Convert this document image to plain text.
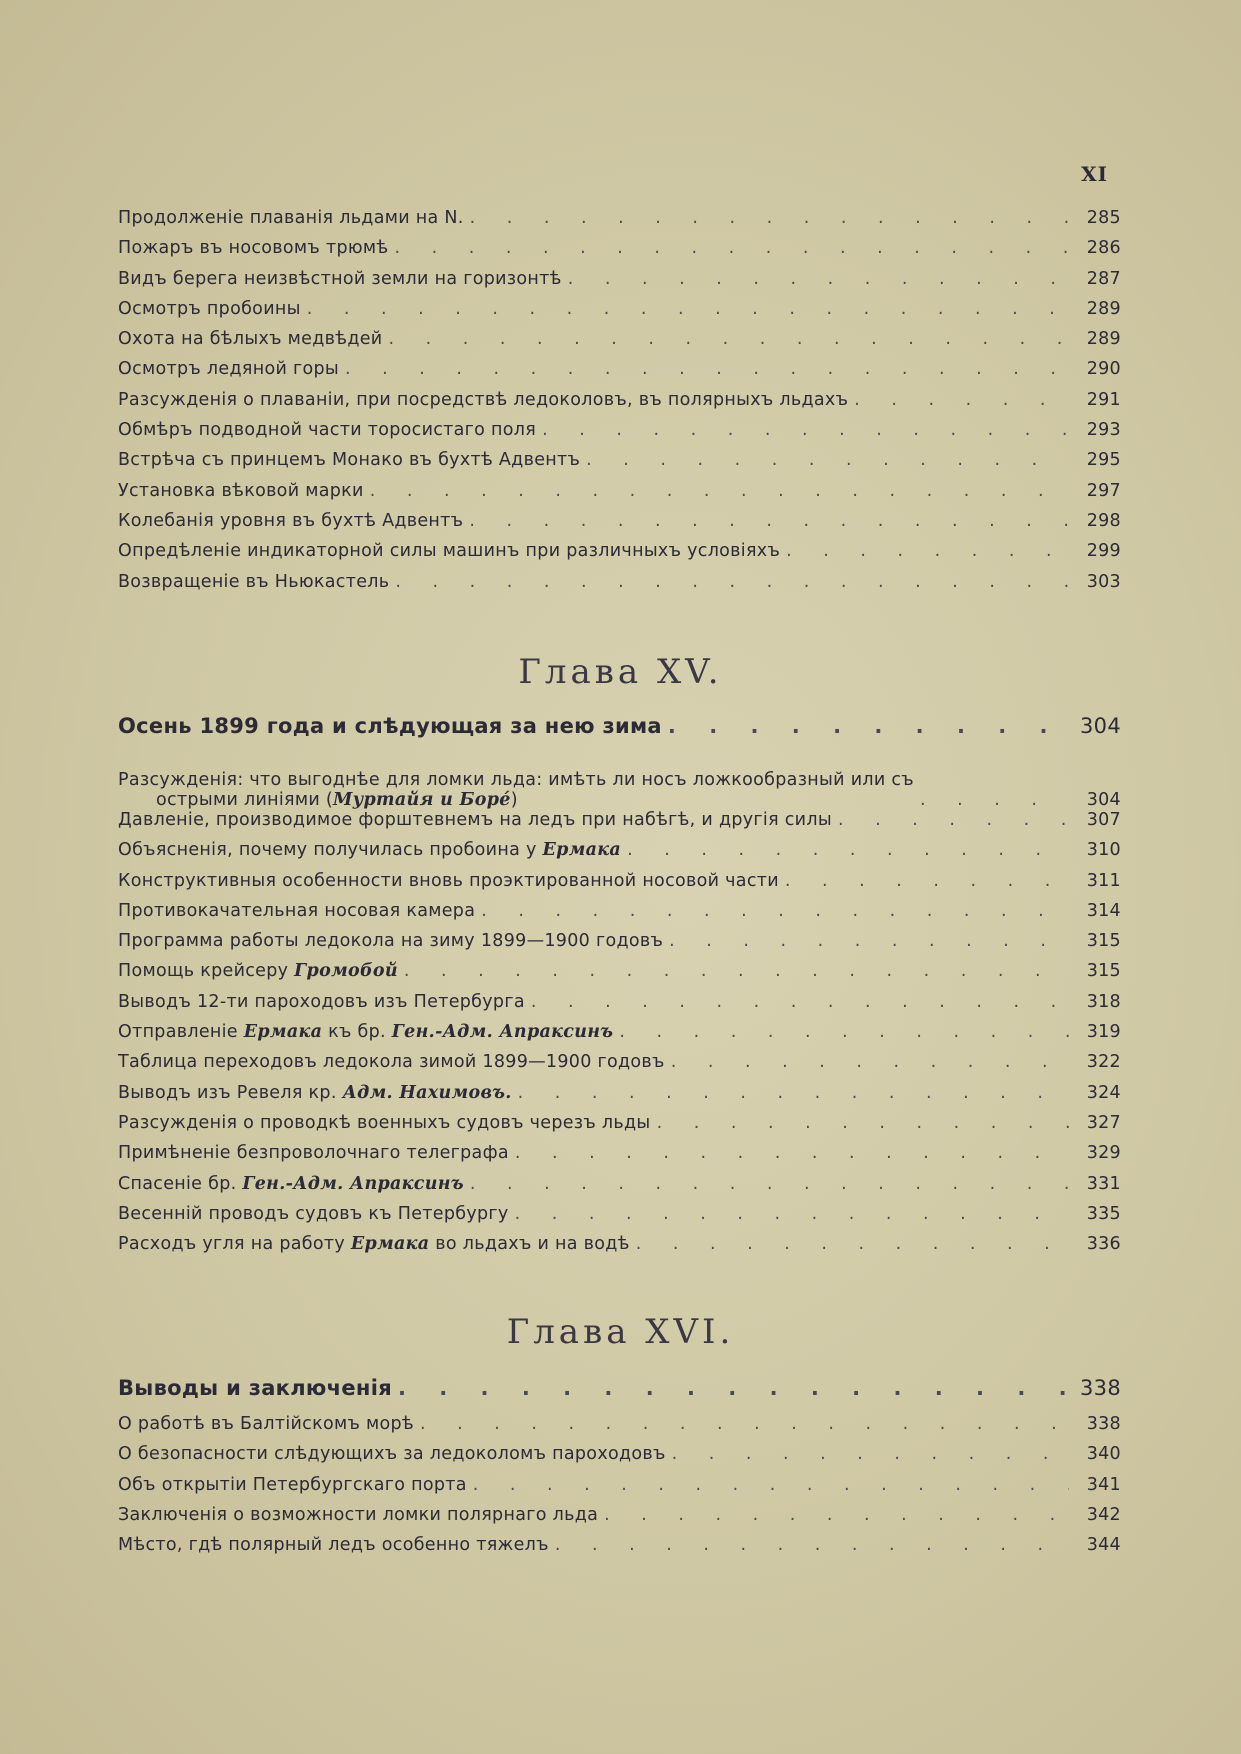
XI
Продолженіе плаванія льдами на N. . . .	285
Пожаръ въ носовомъ трюмѣ . . .	286
Видъ берега неизвѣстной земли на горизонтѣ . . .	287
Осмотръ пробоины . . .	289
Охота на бѣлыхъ медвѣдей . . .	289
Осмотръ ледяной горы . . .	290
Разсужденія о плаваніи, при посредствѣ ледоколовъ, въ полярныхъ льдахъ . . .	291
Обмѣръ подводной части торосистаго поля . . .	293
Встрѣча съ принцемъ Монако въ бухтѣ Адвентъ . . .	295
Установка вѣковой марки . . .	297
Колебанія уровня въ бухтѣ Адвентъ . . .	298
Опредѣленіе индикаторной силы машинъ при различныхъ условіяхъ . . .	299
Возвращеніе въ Ньюкастель . . .	303
Глава XV.
Осень 1899 года и слѣдующая за нею зима . . .	304
Разсужденія: что выгоднѣе для ломки льда: имѣть ли носъ ложкообразный или съ
острыми линіями (Муртайя и Борé) . . .	304
Давленіе, производимое форштевнемъ на ледъ при набѣгѣ, и другія силы . . .	307
Объясненія, почему получилась пробоина у Ермака . . .	310
Конструктивныя особенности вновь проэктированной носовой части . . .	311
Противокачательная носовая камера . . .	314
Программа работы ледокола на зиму 1899—1900 годовъ . . .	315
Помощь крейсеру Громобой . . .	315
Выводъ 12-ти пароходовъ изъ Петербурга . . .	318
Отправленіе Ермака къ бр. Ген.-Адм. Апраксинъ . . .	319
Таблица переходовъ ледокола зимой 1899—1900 годовъ . . .	322
Выводъ изъ Ревеля кр. Адм. Нахимовъ. . . .	324
Разсужденія о проводкѣ военныхъ судовъ черезъ льды . . .	327
Примѣненіе безпроволочнаго телеграфа . . .	329
Спасеніе бр. Ген.-Адм. Апраксинъ . . .	331
Весенній проводъ судовъ къ Петербургу . . .	335
Расходъ угля на работу Ермака во льдахъ и на водѣ . . .	336
Глава XVI.
Выводы и заключенія . . .	338
О работѣ въ Балтійскомъ морѣ . . .	338
О безопасности слѣдующихъ за ледоколомъ пароходовъ . . .	340
Объ открытіи Петербургскаго порта . . .	341
Заключенія о возможности ломки полярнаго льда . . .	342
Мѣсто, гдѣ полярный ледъ особенно тяжелъ . . .	344
